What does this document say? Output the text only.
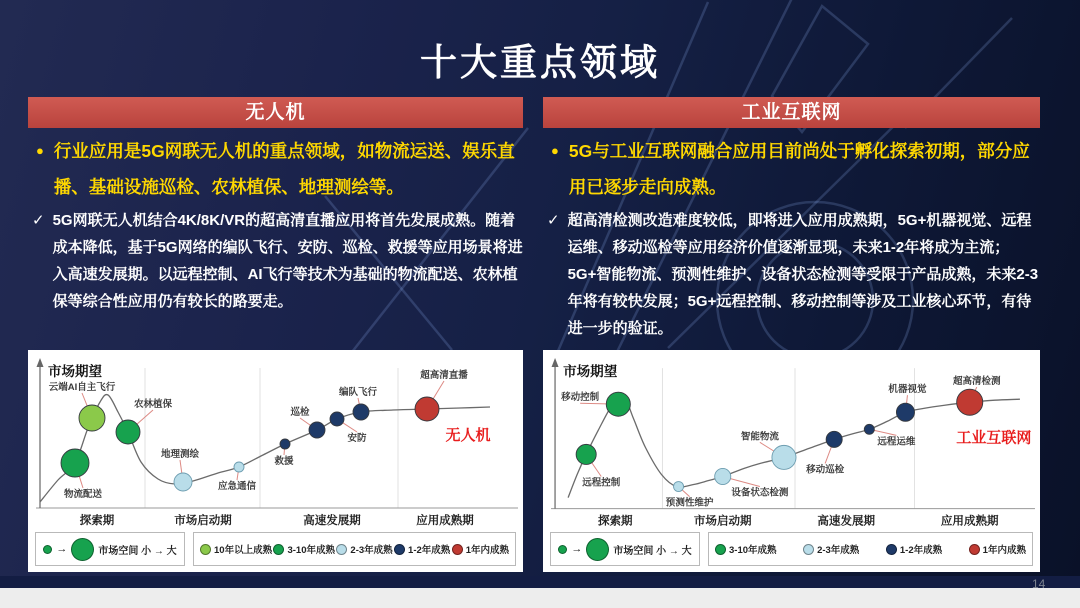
十大重点领域
无人机
● 行业应用是5G网联无人机的重点领域，如物流运送、娱乐直播、基础设施巡检、农林植保、地理测绘等。
✓ 5G网联无人机结合4K/8K/VR的超高清直播应用将首先发展成熟。随着成本降低，基于5G网络的编队飞行、安防、巡检、救援等应用场景将进入高速发展期。以远程控制、AI飞行等技术为基础的物流配送、农林植保等综合性应用仍有较长的路要走。
工业互联网
● 5G与工业互联网融合应用目前尚处于孵化探索初期，部分应用已逐步走向成熟。
✓ 超高清检测改造难度较低，即将进入应用成熟期，5G+机器视觉、远程运维、移动巡检等应用经济价值逐渐显现，未来1-2年将成为主流；5G+智能物流、预测性维护、设备状态检测等受限于产品成熟，未来2-3年将有较快发展；5G+远程控制、移动控制等涉及工业核心环节，有待进一步的验证。
市场期望
探索期	市场启动期	高速发展期	应用成熟期
物流配送
云端AI自主飞行
农林植保
地理测绘
应急通信
救援
巡检
安防
编队飞行
超高清直播
无人机
→	市场空间 小 → 大	10年以上成熟 3-10年成熟 2-3年成熟 1-2年成熟 1年内成熟
市场期望
探索期	市场启动期	高速发展期	应用成熟期
远程控制
移动控制
预测性维护
设备状态检测
智能物流
移动巡检
远程运维
机器视觉
超高清检测
工业互联网
→	市场空间 小 → 大	3-10年成熟	2-3年成熟	1-2年成熟	1年内成熟
14
